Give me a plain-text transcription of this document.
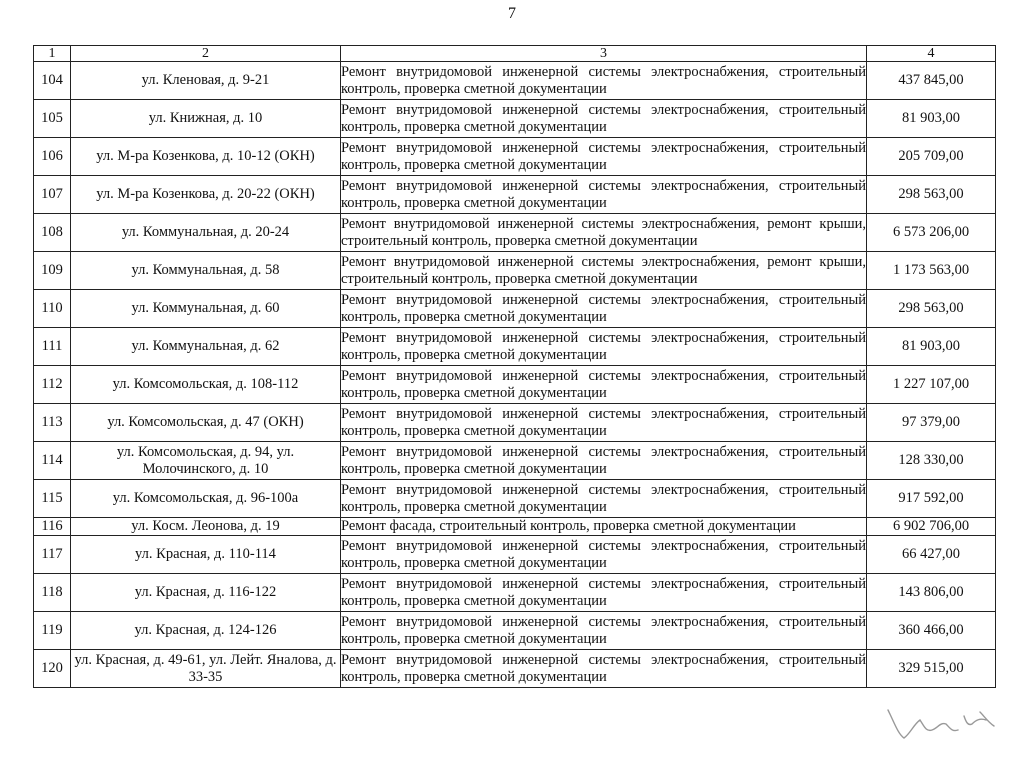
7
1	2	3	4
104	ул. Кленовая, д. 9-21	Ремонт внутридомовой инженерной системы электроснабжения, строительный контроль, проверка сметной документации	437 845,00
105	ул. Книжная, д. 10	Ремонт внутридомовой инженерной системы электроснабжения, строительный контроль, проверка сметной документации	81 903,00
106	ул. М-ра Козенкова, д. 10-12 (ОКН)	Ремонт внутридомовой инженерной системы электроснабжения, строительный контроль, проверка сметной документации	205 709,00
107	ул. М-ра Козенкова, д. 20-22 (ОКН)	Ремонт внутридомовой инженерной системы электроснабжения, строительный контроль, проверка сметной документации	298 563,00
108	ул. Коммунальная, д. 20-24	Ремонт внутридомовой инженерной системы электроснабжения, ремонт крыши, строительный контроль, проверка сметной документации	6 573 206,00
109	ул. Коммунальная, д. 58	Ремонт внутридомовой инженерной системы электроснабжения, ремонт крыши, строительный контроль, проверка сметной документации	1 173 563,00
110	ул. Коммунальная, д. 60	Ремонт внутридомовой инженерной системы электроснабжения, строительный контроль, проверка сметной документации	298 563,00
111	ул. Коммунальная, д. 62	Ремонт внутридомовой инженерной системы электроснабжения, строительный контроль, проверка сметной документации	81 903,00
112	ул. Комсомольская, д. 108-112	Ремонт внутридомовой инженерной системы электроснабжения, строительный контроль, проверка сметной документации	1 227 107,00
113	ул. Комсомольская, д. 47 (ОКН)	Ремонт внутридомовой инженерной системы электроснабжения, строительный контроль, проверка сметной документации	97 379,00
114	ул. Комсомольская, д. 94, ул. Молочинского, д. 10	Ремонт внутридомовой инженерной системы электроснабжения, строительный контроль, проверка сметной документации	128 330,00
115	ул. Комсомольская, д. 96-100а	Ремонт внутридомовой инженерной системы электроснабжения, строительный контроль, проверка сметной документации	917 592,00
116	ул. Косм. Леонова, д. 19	Ремонт фасада, строительный контроль, проверка сметной документации	6 902 706,00
117	ул. Красная, д. 110-114	Ремонт внутридомовой инженерной системы электроснабжения, строительный контроль, проверка сметной документации	66 427,00
118	ул. Красная, д. 116-122	Ремонт внутридомовой инженерной системы электроснабжения, строительный контроль, проверка сметной документации	143 806,00
119	ул. Красная, д. 124-126	Ремонт внутридомовой инженерной системы электроснабжения, строительный контроль, проверка сметной документации	360 466,00
120	ул. Красная, д. 49-61, ул. Лейт. Яналова, д. 33-35	Ремонт внутридомовой инженерной системы электроснабжения, строительный контроль, проверка сметной документации	329 515,00
